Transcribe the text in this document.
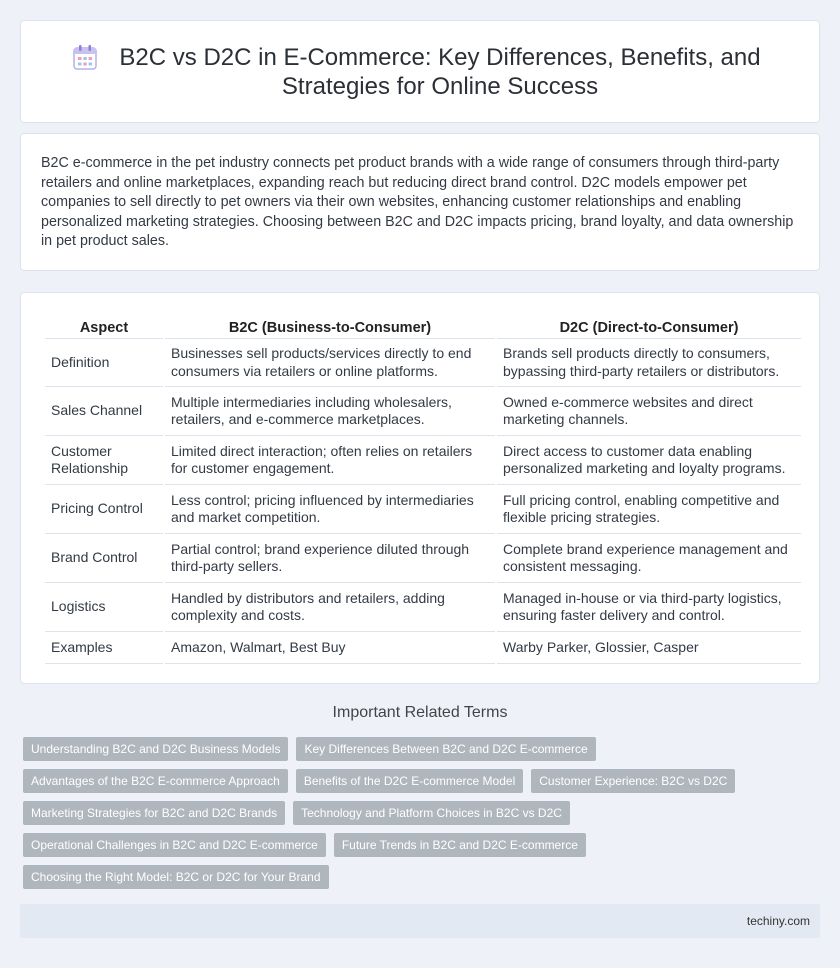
B2C vs D2C in E-Commerce: Key Differences, Benefits, and Strategies for Online Success

B2C e-commerce in the pet industry connects pet product brands with a wide range of consumers through third-party retailers and online marketplaces, expanding reach but reducing direct brand control. D2C models empower pet companies to sell directly to pet owners via their own websites, enhancing customer relationships and enabling personalized marketing strategies. Choosing between B2C and D2C impacts pricing, brand loyalty, and data ownership in pet product sales.

Aspect	B2C (Business-to-Consumer)	D2C (Direct-to-Consumer)
Definition	Businesses sell products/services directly to end consumers via retailers or online platforms.	Brands sell products directly to consumers, bypassing third-party retailers or distributors.
Sales Channel	Multiple intermediaries including wholesalers, retailers, and e-commerce marketplaces.	Owned e-commerce websites and direct marketing channels.
Customer Relationship	Limited direct interaction; often relies on retailers for customer engagement.	Direct access to customer data enabling personalized marketing and loyalty programs.
Pricing Control	Less control; pricing influenced by intermediaries and market competition.	Full pricing control, enabling competitive and flexible pricing strategies.
Brand Control	Partial control; brand experience diluted through third-party sellers.	Complete brand experience management and consistent messaging.
Logistics	Handled by distributors and retailers, adding complexity and costs.	Managed in-house or via third-party logistics, ensuring faster delivery and control.
Examples	Amazon, Walmart, Best Buy	Warby Parker, Glossier, Casper
Important Related Terms
Understanding B2C and D2C Business Models	Key Differences Between B2C and D2C E-commerce
Advantages of the B2C E-commerce Approach	Benefits of the D2C E-commerce Model	Customer Experience: B2C vs D2C
Marketing Strategies for B2C and D2C Brands	Technology and Platform Choices in B2C vs D2C
Operational Challenges in B2C and D2C E-commerce	Future Trends in B2C and D2C E-commerce
Choosing the Right Model: B2C or D2C for Your Brand
techiny.com
